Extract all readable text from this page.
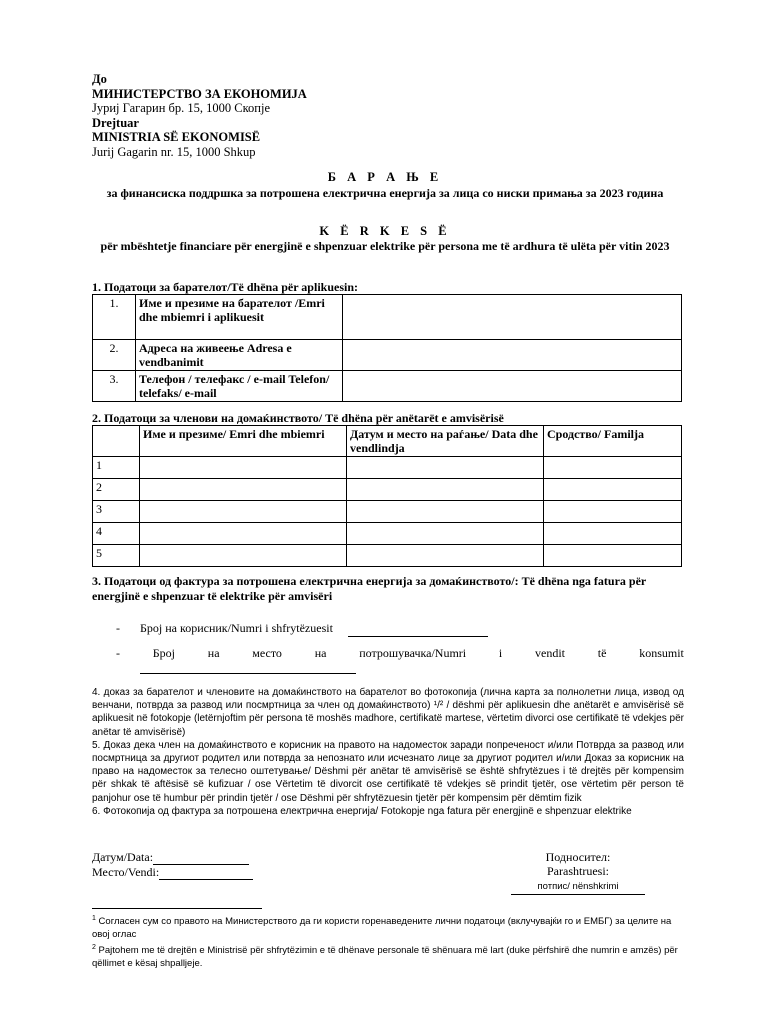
До
МИНИСТЕРСТВО ЗА ЕКОНОМИЈА
Јуриј Гагарин бр. 15, 1000 Скопје
Drejtuar
MINISTRIA SË EKONOMISË
Jurij Gagarin nr. 15, 1000 Shkup
Б А Р А Њ Е
за финансиска поддршка за потрошена електрична енергија за лица со ниски примања за 2023 година
K Ë R K E S Ë
për mbështetje financiare për energjinë e shpenzuar elektrike për persona me të ardhura të ulëta për vitin 2023
1. Податоци за барателот/Të dhëna për aplikuesin:
1.	Име и презиме на барателот /Emri dhe mbiemri i aplikuesit	
2.	Адреса на живеење Adresa e vendbanimit	
3.	Телефон / телефакс / e-mail Telefon/ telefaks/ e-mail	
2. Податоци за членови на домаќинството/ Të dhëna për anëtarët e amvisërisë
	Име и презиме/ Emri dhe mbiemri	Датум и место на раѓање/ Data dhe vendlindja	Сродство/ Familja
1			
2			
3			
4			
5			
3. Податоци од фактура за потрошена електрична енергија за домаќинството/: Të dhëna nga fatura për energjinë e shpenzuar të elektrike për amvisëri
- Број на корисник/Numri i shfrytëzuesit
-	Број	на	место	на	потрошувачка/Numri	i	vendit	të	konsumit

4. доказ за барателот и членовите на домаќинството на барателот во фотокопија (лична карта за полнолетни лица, извод од венчани, потврда за развод или посмртница за член од домаќинството) ¹/² / dëshmi për aplikuesin dhe anëtarët e amvisërisë së aplikuesit në fotokopje (letërnjoftim për persona të moshës madhore, certifikatë martese, vërtetim divorci ose certifikatë të vdekjes për anëtar të amvisërisë)

5. Доказ дека член на домаќинството е корисник на правото на надоместок заради попреченост и/или Потврда за развод или посмртница за другиот родител или потврда за непознато или исчезнато лице за другиот родител и/или Доказ за корисник на право на надоместок за телесно оштетување/ Dëshmi për anëtar të amvisërisë se është shfrytëzues i të drejtës për kompensim për shkak të aftësisë së kufizuar / ose Vërtetim të divorcit ose certifikatë të vdekjes së prindit tjetër, ose vërtetim për person të panjohur ose të humbur për prindin tjetër / ose Dëshmi për shfrytëzuesin tjetër për kompensim për dëmtim fizik

6. Фотокопија од фактура за потрошена електрична енергија/ Fotokopje nga fatura për energjinë e shpenzuar elektrike

Датум/Data:
Место/Vendi:
Подносител:
Parashtruesi:
потпис/ nënshkrimi

$^1$ Согласен сум со правото на Министерството да ги користи горенаведените лични податоци (вклучувајќи го и ЕМБГ) за целите на овој оглас

$^2$ Pajtohem me të drejtën e Ministrisë për shfrytëzimin e të dhënave personale të shënuara më lart (duke përfshirë dhe numrin e amzës) për qëllimet e kësaj shpalljeje.
